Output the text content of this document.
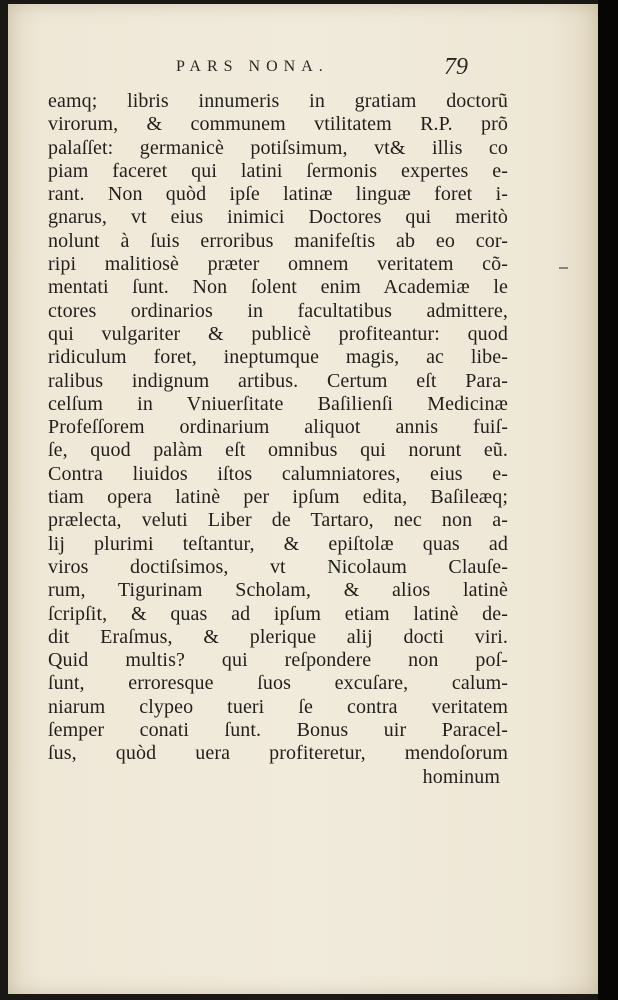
PARS NONA.	79
eamq; libris innumeris in gratiam doctorũ
virorum, & communem vtilitatem R.P. prõ
palaſſet: germanicè potiſsimum, vt& illis co
piam faceret qui latini ſermonis expertes e-
rant. Non quòd ipſe latinæ linguæ foret i-
gnarus, vt eius inimici Doctores qui meritò
nolunt à ſuis erroribus manifeſtis ab eo cor-
ripi malitiosè præter omnem veritatem cõ-
mentati ſunt. Non ſolent enim Academiæ le
ctores ordinarios in facultatibus admittere,
qui vulgariter & publicè profiteantur: quod
ridiculum foret, ineptumque magis, ac libe-
ralibus indignum artibus. Certum eſt Para-
celſum in Vniuerſitate Baſilienſi Medicinæ
Profeſſorem ordinarium aliquot annis fuiſ-
ſe, quod palàm eſt omnibus qui norunt eũ.
Contra liuidos iſtos calumniatores, eius e-
tiam opera latinè per ipſum edita, Baſileæq;
prælecta, veluti Liber de Tartaro, nec non a-
lij plurimi teſtantur, & epiſtolæ quas ad
viros doctiſsimos, vt Nicolaum Clauſe-
rum, Tigurinam Scholam, & alios latinè
ſcripſit, & quas ad ipſum etiam latinè de-
dit Eraſmus, & plerique alij docti viri.
Quid multis? qui reſpondere non poſ-
ſunt, erroresque ſuos excuſare, calum-
niarum clypeo tueri ſe contra veritatem
ſemper conati ſunt. Bonus uir Paracel-
ſus, quòd uera profiteretur, mendoſorum
hominum
